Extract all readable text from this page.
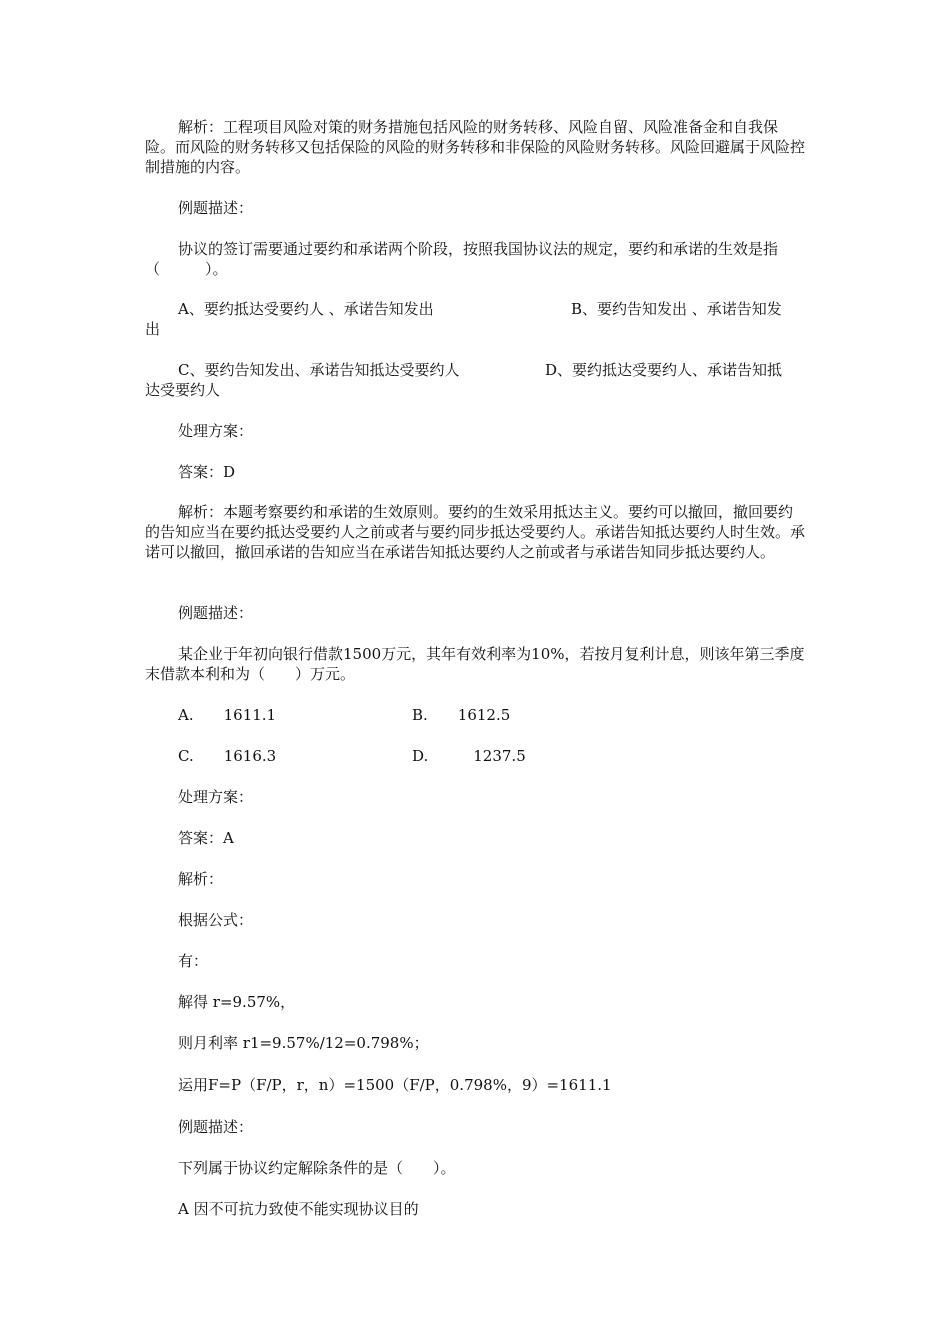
解析：工程项目风险对策的财务措施包括风险的财务转移、风险自留、风险准备金和自我保险。而风险的财务转移又包括保险的风险的财务转移和非保险的风险财务转移。风险回避属于风险控制措施的内容。

例题描述：

协议的签订需要通过要约和承诺两个阶段，按照我国协议法的规定，要约和承诺的生效是指（　　　）。

A、要约抵达受要约人 、承诺告知发出	B、要约告知发出 、承诺告知发

出

C、要约告知发出、承诺告知抵达受要约人	D、要约抵达受要约人、承诺告知抵

达受要约人

处理方案：

答案：D

解析：本题考察要约和承诺的生效原则。要约的生效采用抵达主义。要约可以撤回，撤回要约的告知应当在要约抵达受要约人之前或者与要约同步抵达受要约人。承诺告知抵达要约人时生效。承诺可以撤回，撤回承诺的告知应当在承诺告知抵达要约人之前或者与承诺告知同步抵达要约人。

例题描述：

某企业于年初向银行借款1500万元，其年有效利率为10%，若按月复利计息，则该年第三季度末借款本利和为（　　）万元。

A.　　1611.1	B.　　1612.5

C.　　1616.3	D.　　　1237.5

处理方案：

答案：A

解析：

根据公式：

有：

解得 r=9.57%，

则月利率 r1=9.57%/12=0.798%；

运用F=P（F/P，r，n）=1500（F/P，0.798%，9）=1611.1

例题描述：

下列属于协议约定解除条件的是（　　）。

A 因不可抗力致使不能实现协议目的
